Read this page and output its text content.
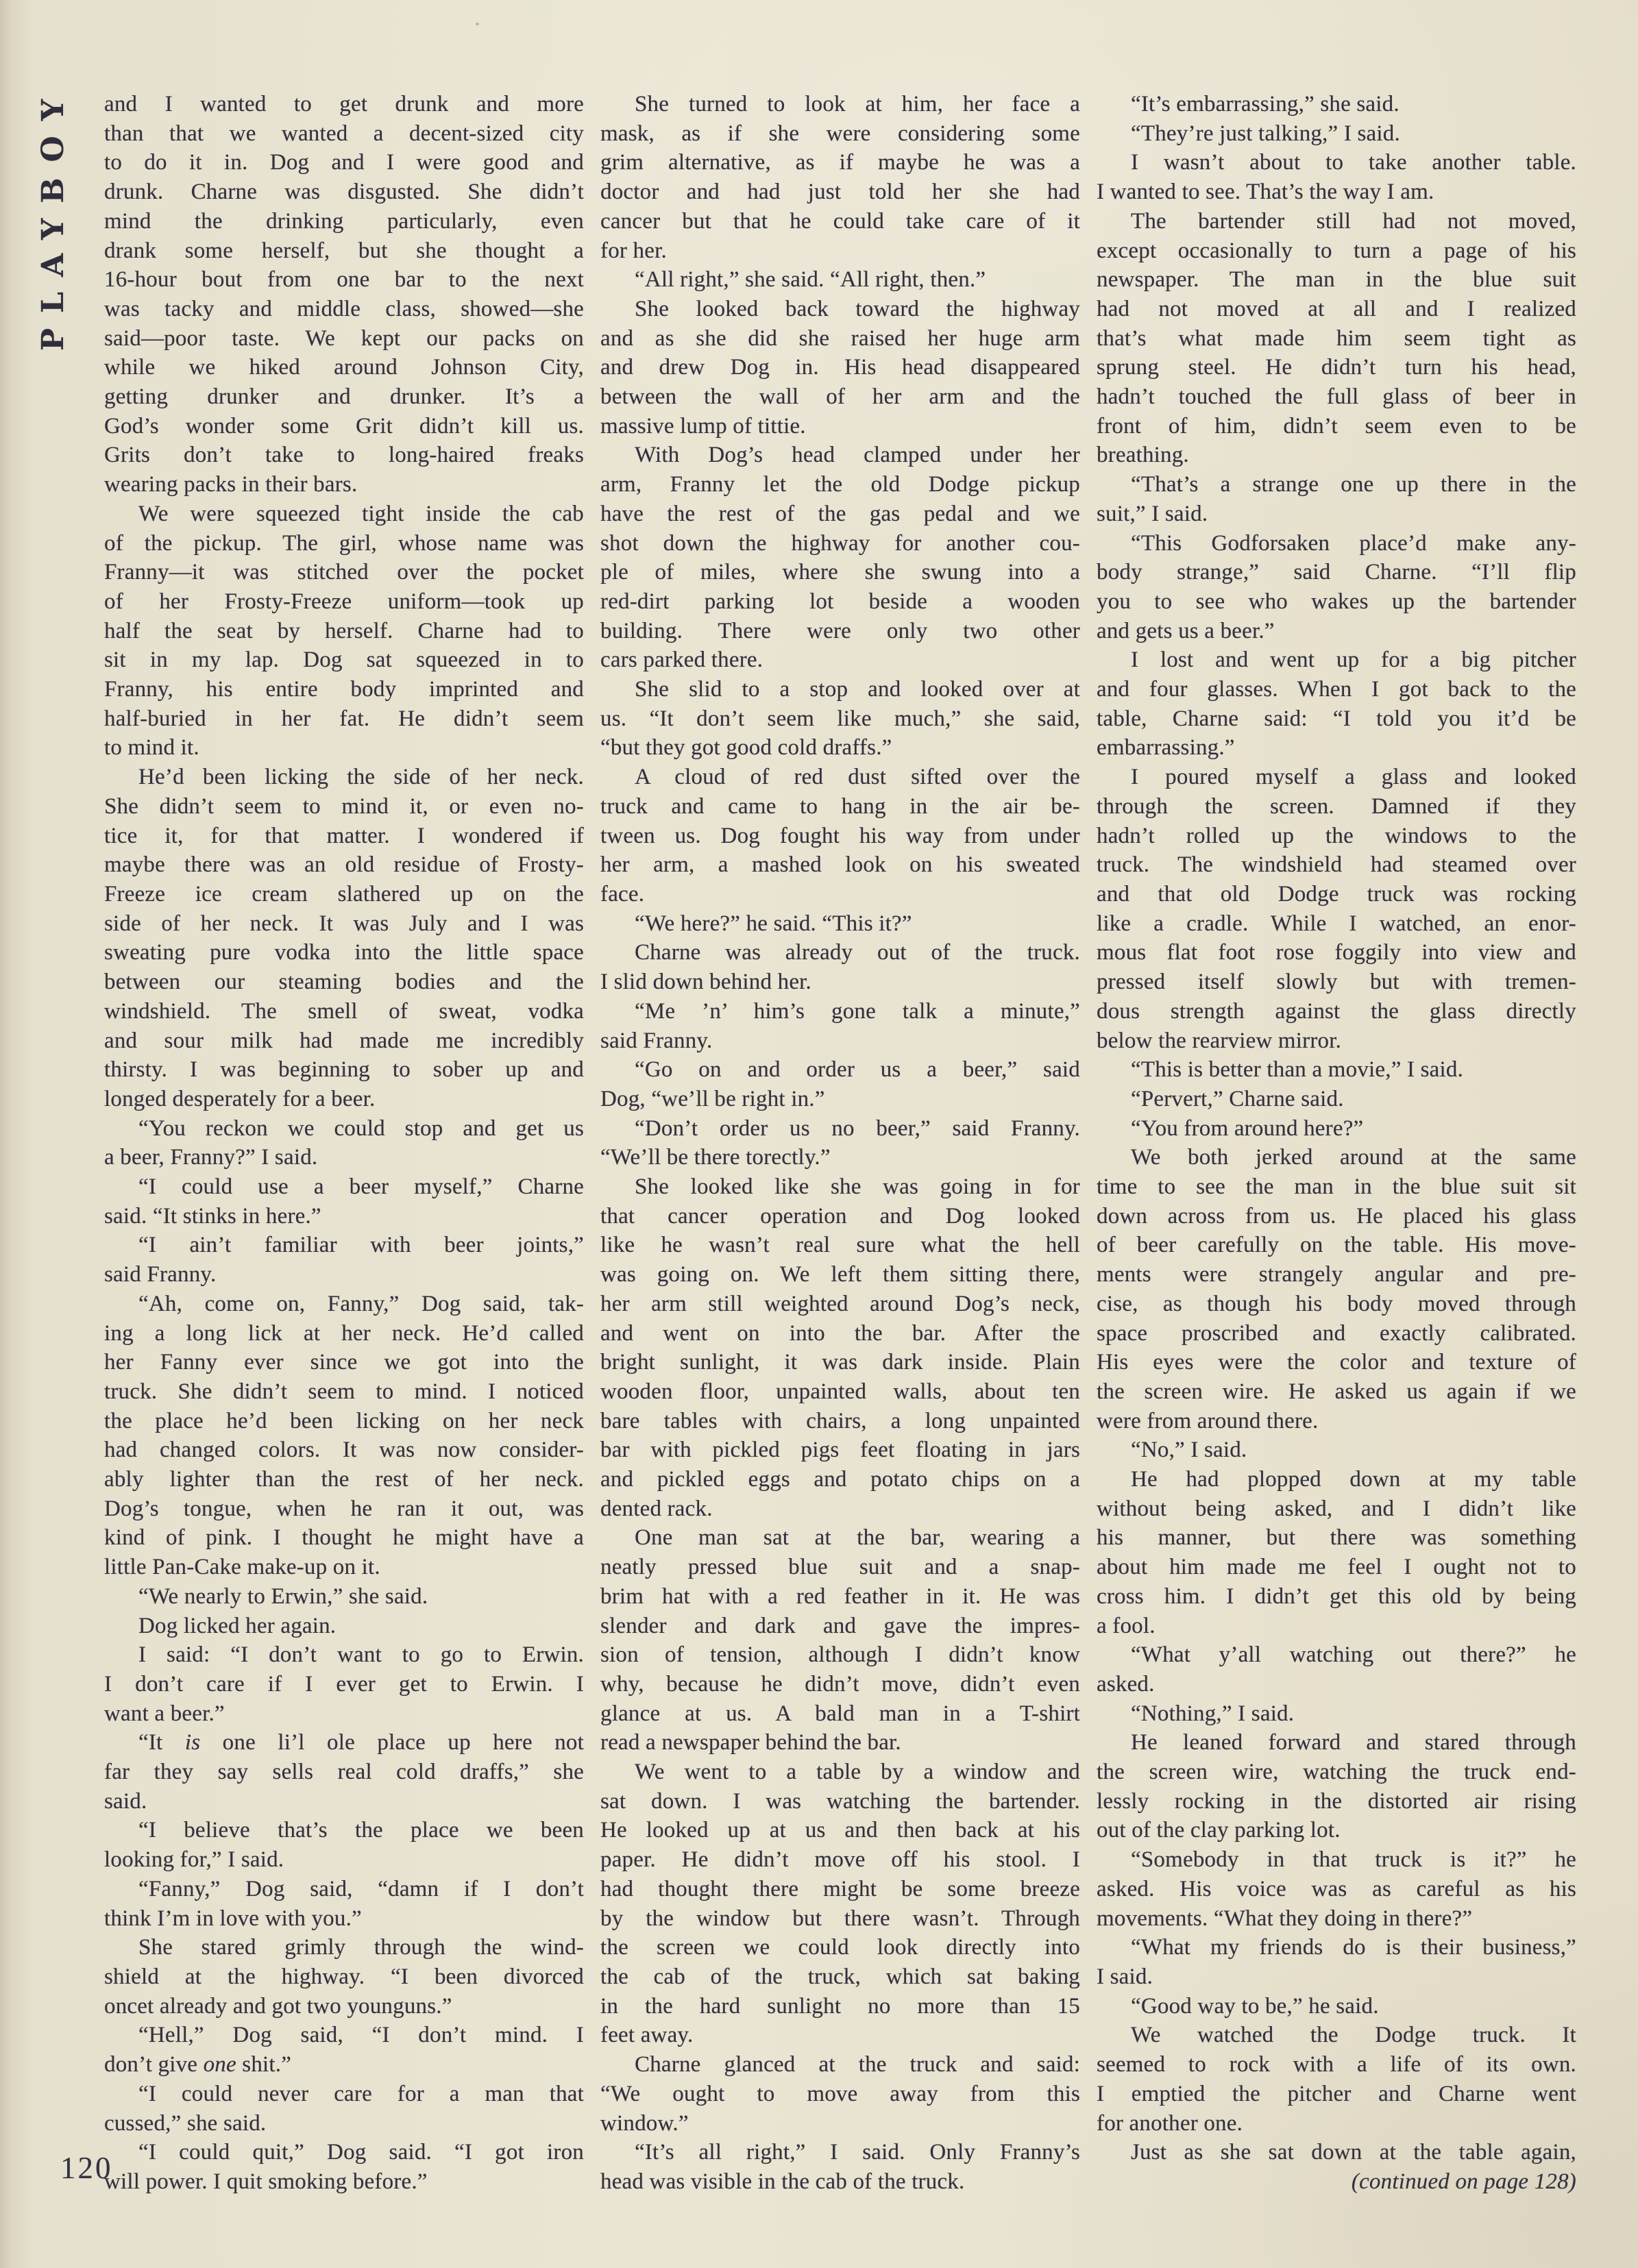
PLAYBOY
120

and I wanted to get drunk and more
than that we wanted a decent-sized city
to do it in. Dog and I were good and
drunk. Charne was disgusted. She didn’t
mind the drinking particularly, even
drank some herself, but she thought a
16-hour bout from one bar to the next
was tacky and middle class, showed—she
said—poor taste. We kept our packs on
while we hiked around Johnson City,
getting drunker and drunker. It’s a
God’s wonder some Grit didn’t kill us.
Grits don’t take to long-haired freaks
wearing packs in their bars.

We were squeezed tight inside the cab
of the pickup. The girl, whose name was
Franny—it was stitched over the pocket
of her Frosty-Freeze uniform—took up
half the seat by herself. Charne had to
sit in my lap. Dog sat squeezed in to
Franny, his entire body imprinted and
half-buried in her fat. He didn’t seem
to mind it.

He’d been licking the side of her neck.
She didn’t seem to mind it, or even no-
tice it, for that matter. I wondered if
maybe there was an old residue of Frosty-
Freeze ice cream slathered up on the
side of her neck. It was July and I was
sweating pure vodka into the little space
between our steaming bodies and the
windshield. The smell of sweat, vodka
and sour milk had made me incredibly
thirsty. I was beginning to sober up and
longed desperately for a beer.

“You reckon we could stop and get us
a beer, Franny?” I said.

“I could use a beer myself,” Charne
said. “It stinks in here.”

“I ain’t familiar with beer joints,”
said Franny.

“Ah, come on, Fanny,” Dog said, tak-
ing a long lick at her neck. He’d called
her Fanny ever since we got into the
truck. She didn’t seem to mind. I noticed
the place he’d been licking on her neck
had changed colors. It was now consider-
ably lighter than the rest of her neck.
Dog’s tongue, when he ran it out, was
kind of pink. I thought he might have a
little Pan-Cake make-up on it.

“We nearly to Erwin,” she said.

Dog licked her again.

I said: “I don’t want to go to Erwin.
I don’t care if I ever get to Erwin. I
want a beer.”

“It is one li’l ole place up here not
far they say sells real cold draffs,” she
said.

“I believe that’s the place we been
looking for,” I said.

“Fanny,” Dog said, “damn if I don’t
think I’m in love with you.”

She stared grimly through the wind-
shield at the highway. “I been divorced
oncet already and got two younguns.”

“Hell,” Dog said, “I don’t mind. I
don’t give one shit.”

“I could never care for a man that
cussed,” she said.

“I could quit,” Dog said. “I got iron
will power. I quit smoking before.”

She turned to look at him, her face a
mask, as if she were considering some
grim alternative, as if maybe he was a
doctor and had just told her she had
cancer but that he could take care of it
for her.

“All right,” she said. “All right, then.”

She looked back toward the highway
and as she did she raised her huge arm
and drew Dog in. His head disappeared
between the wall of her arm and the
massive lump of tittie.

With Dog’s head clamped under her
arm, Franny let the old Dodge pickup
have the rest of the gas pedal and we
shot down the highway for another cou-
ple of miles, where she swung into a
red-dirt parking lot beside a wooden
building. There were only two other
cars parked there.

She slid to a stop and looked over at
us. “It don’t seem like much,” she said,
“but they got good cold draffs.”

A cloud of red dust sifted over the
truck and came to hang in the air be-
tween us. Dog fought his way from under
her arm, a mashed look on his sweated
face.

“We here?” he said. “This it?”

Charne was already out of the truck.
I slid down behind her.

“Me ’n’ him’s gone talk a minute,”
said Franny.

“Go on and order us a beer,” said
Dog, “we’ll be right in.”

“Don’t order us no beer,” said Franny.
“We’ll be there torectly.”

She looked like she was going in for
that cancer operation and Dog looked
like he wasn’t real sure what the hell
was going on. We left them sitting there,
her arm still weighted around Dog’s neck,
and went on into the bar. After the
bright sunlight, it was dark inside. Plain
wooden floor, unpainted walls, about ten
bare tables with chairs, a long unpainted
bar with pickled pigs feet floating in jars
and pickled eggs and potato chips on a
dented rack.

One man sat at the bar, wearing a
neatly pressed blue suit and a snap-
brim hat with a red feather in it. He was
slender and dark and gave the impres-
sion of tension, although I didn’t know
why, because he didn’t move, didn’t even
glance at us. A bald man in a T-shirt
read a newspaper behind the bar.

We went to a table by a window and
sat down. I was watching the bartender.
He looked up at us and then back at his
paper. He didn’t move off his stool. I
had thought there might be some breeze
by the window but there wasn’t. Through
the screen we could look directly into
the cab of the truck, which sat baking
in the hard sunlight no more than 15
feet away.

Charne glanced at the truck and said:
“We ought to move away from this
window.”

“It’s all right,” I said. Only Franny’s
head was visible in the cab of the truck.

“It’s embarrassing,” she said.

“They’re just talking,” I said.

I wasn’t about to take another table.
I wanted to see. That’s the way I am.

The bartender still had not moved,
except occasionally to turn a page of his
newspaper. The man in the blue suit
had not moved at all and I realized
that’s what made him seem tight as
sprung steel. He didn’t turn his head,
hadn’t touched the full glass of beer in
front of him, didn’t seem even to be
breathing.

“That’s a strange one up there in the
suit,” I said.

“This Godforsaken place’d make any-
body strange,” said Charne. “I’ll flip
you to see who wakes up the bartender
and gets us a beer.”

I lost and went up for a big pitcher
and four glasses. When I got back to the
table, Charne said: “I told you it’d be
embarrassing.”

I poured myself a glass and looked
through the screen. Damned if they
hadn’t rolled up the windows to the
truck. The windshield had steamed over
and that old Dodge truck was rocking
like a cradle. While I watched, an enor-
mous flat foot rose foggily into view and
pressed itself slowly but with tremen-
dous strength against the glass directly
below the rearview mirror.

“This is better than a movie,” I said.

“Pervert,” Charne said.

“You from around here?”

We both jerked around at the same
time to see the man in the blue suit sit
down across from us. He placed his glass
of beer carefully on the table. His move-
ments were strangely angular and pre-
cise, as though his body moved through
space proscribed and exactly calibrated.
His eyes were the color and texture of
the screen wire. He asked us again if we
were from around there.

“No,” I said.

He had plopped down at my table
without being asked, and I didn’t like
his manner, but there was something
about him made me feel I ought not to
cross him. I didn’t get this old by being
a fool.

“What y’all watching out there?” he
asked.

“Nothing,” I said.

He leaned forward and stared through
the screen wire, watching the truck end-
lessly rocking in the distorted air rising
out of the clay parking lot.

“Somebody in that truck is it?” he
asked. His voice was as careful as his
movements. “What they doing in there?”

“What my friends do is their business,”
I said.

“Good way to be,” he said.

We watched the Dodge truck. It
seemed to rock with a life of its own.
I emptied the pitcher and Charne went
for another one.

Just as she sat down at the table again,
(continued on page 128)
